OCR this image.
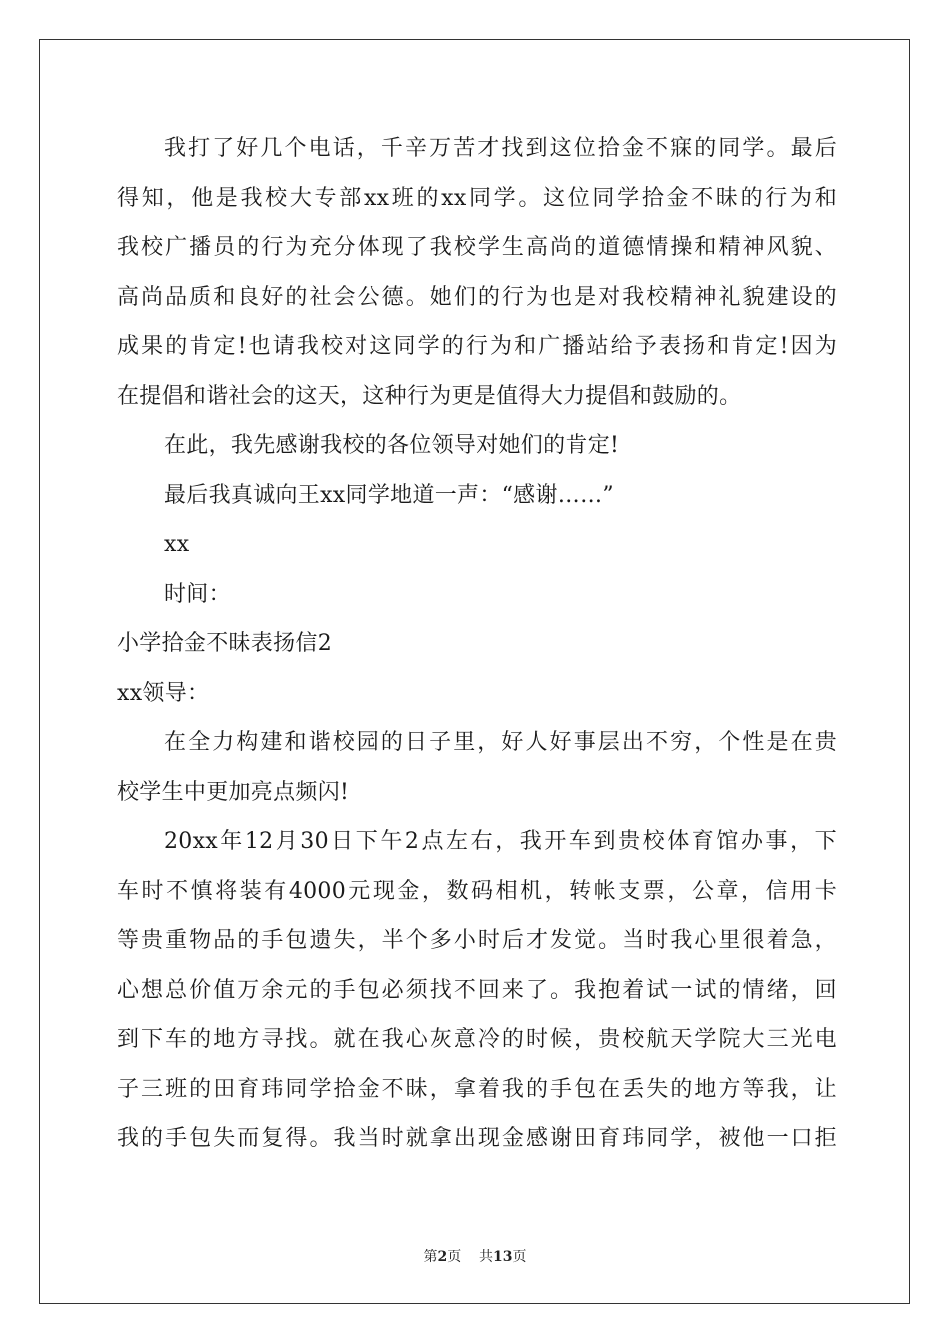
我打了好几个电话，千辛万苦才找到这位拾金不寐的同学。最后
得知，他是我校大专部xx班的xx同学。这位同学拾金不昧的行为和
我校广播员的行为充分体现了我校学生高尚的道德情操和精神风貌、
高尚品质和良好的社会公德。她们的行为也是对我校精神礼貌建设的
成果的肯定!也请我校对这同学的行为和广播站给予表扬和肯定!因为
在提倡和谐社会的这天，这种行为更是值得大力提倡和鼓励的。
在此，我先感谢我校的各位领导对她们的肯定!
最后我真诚向王xx同学地道一声：“感谢……”
xx
时间：
小学拾金不昧表扬信2
xx领导：
在全力构建和谐校园的日子里，好人好事层出不穷，个性是在贵
校学生中更加亮点频闪!
20xx年12月30日下午2点左右，我开车到贵校体育馆办事，下
车时不慎将装有4000元现金，数码相机，转帐支票，公章，信用卡
等贵重物品的手包遗失，半个多小时后才发觉。当时我心里很着急，
心想总价值万余元的手包必须找不回来了。我抱着试一试的情绪，回
到下车的地方寻找。就在我心灰意冷的时候，贵校航天学院大三光电
子三班的田育玮同学拾金不昧，拿着我的手包在丢失的地方等我，让
我的手包失而复得。我当时就拿出现金感谢田育玮同学，被他一口拒
第2页 共13页
